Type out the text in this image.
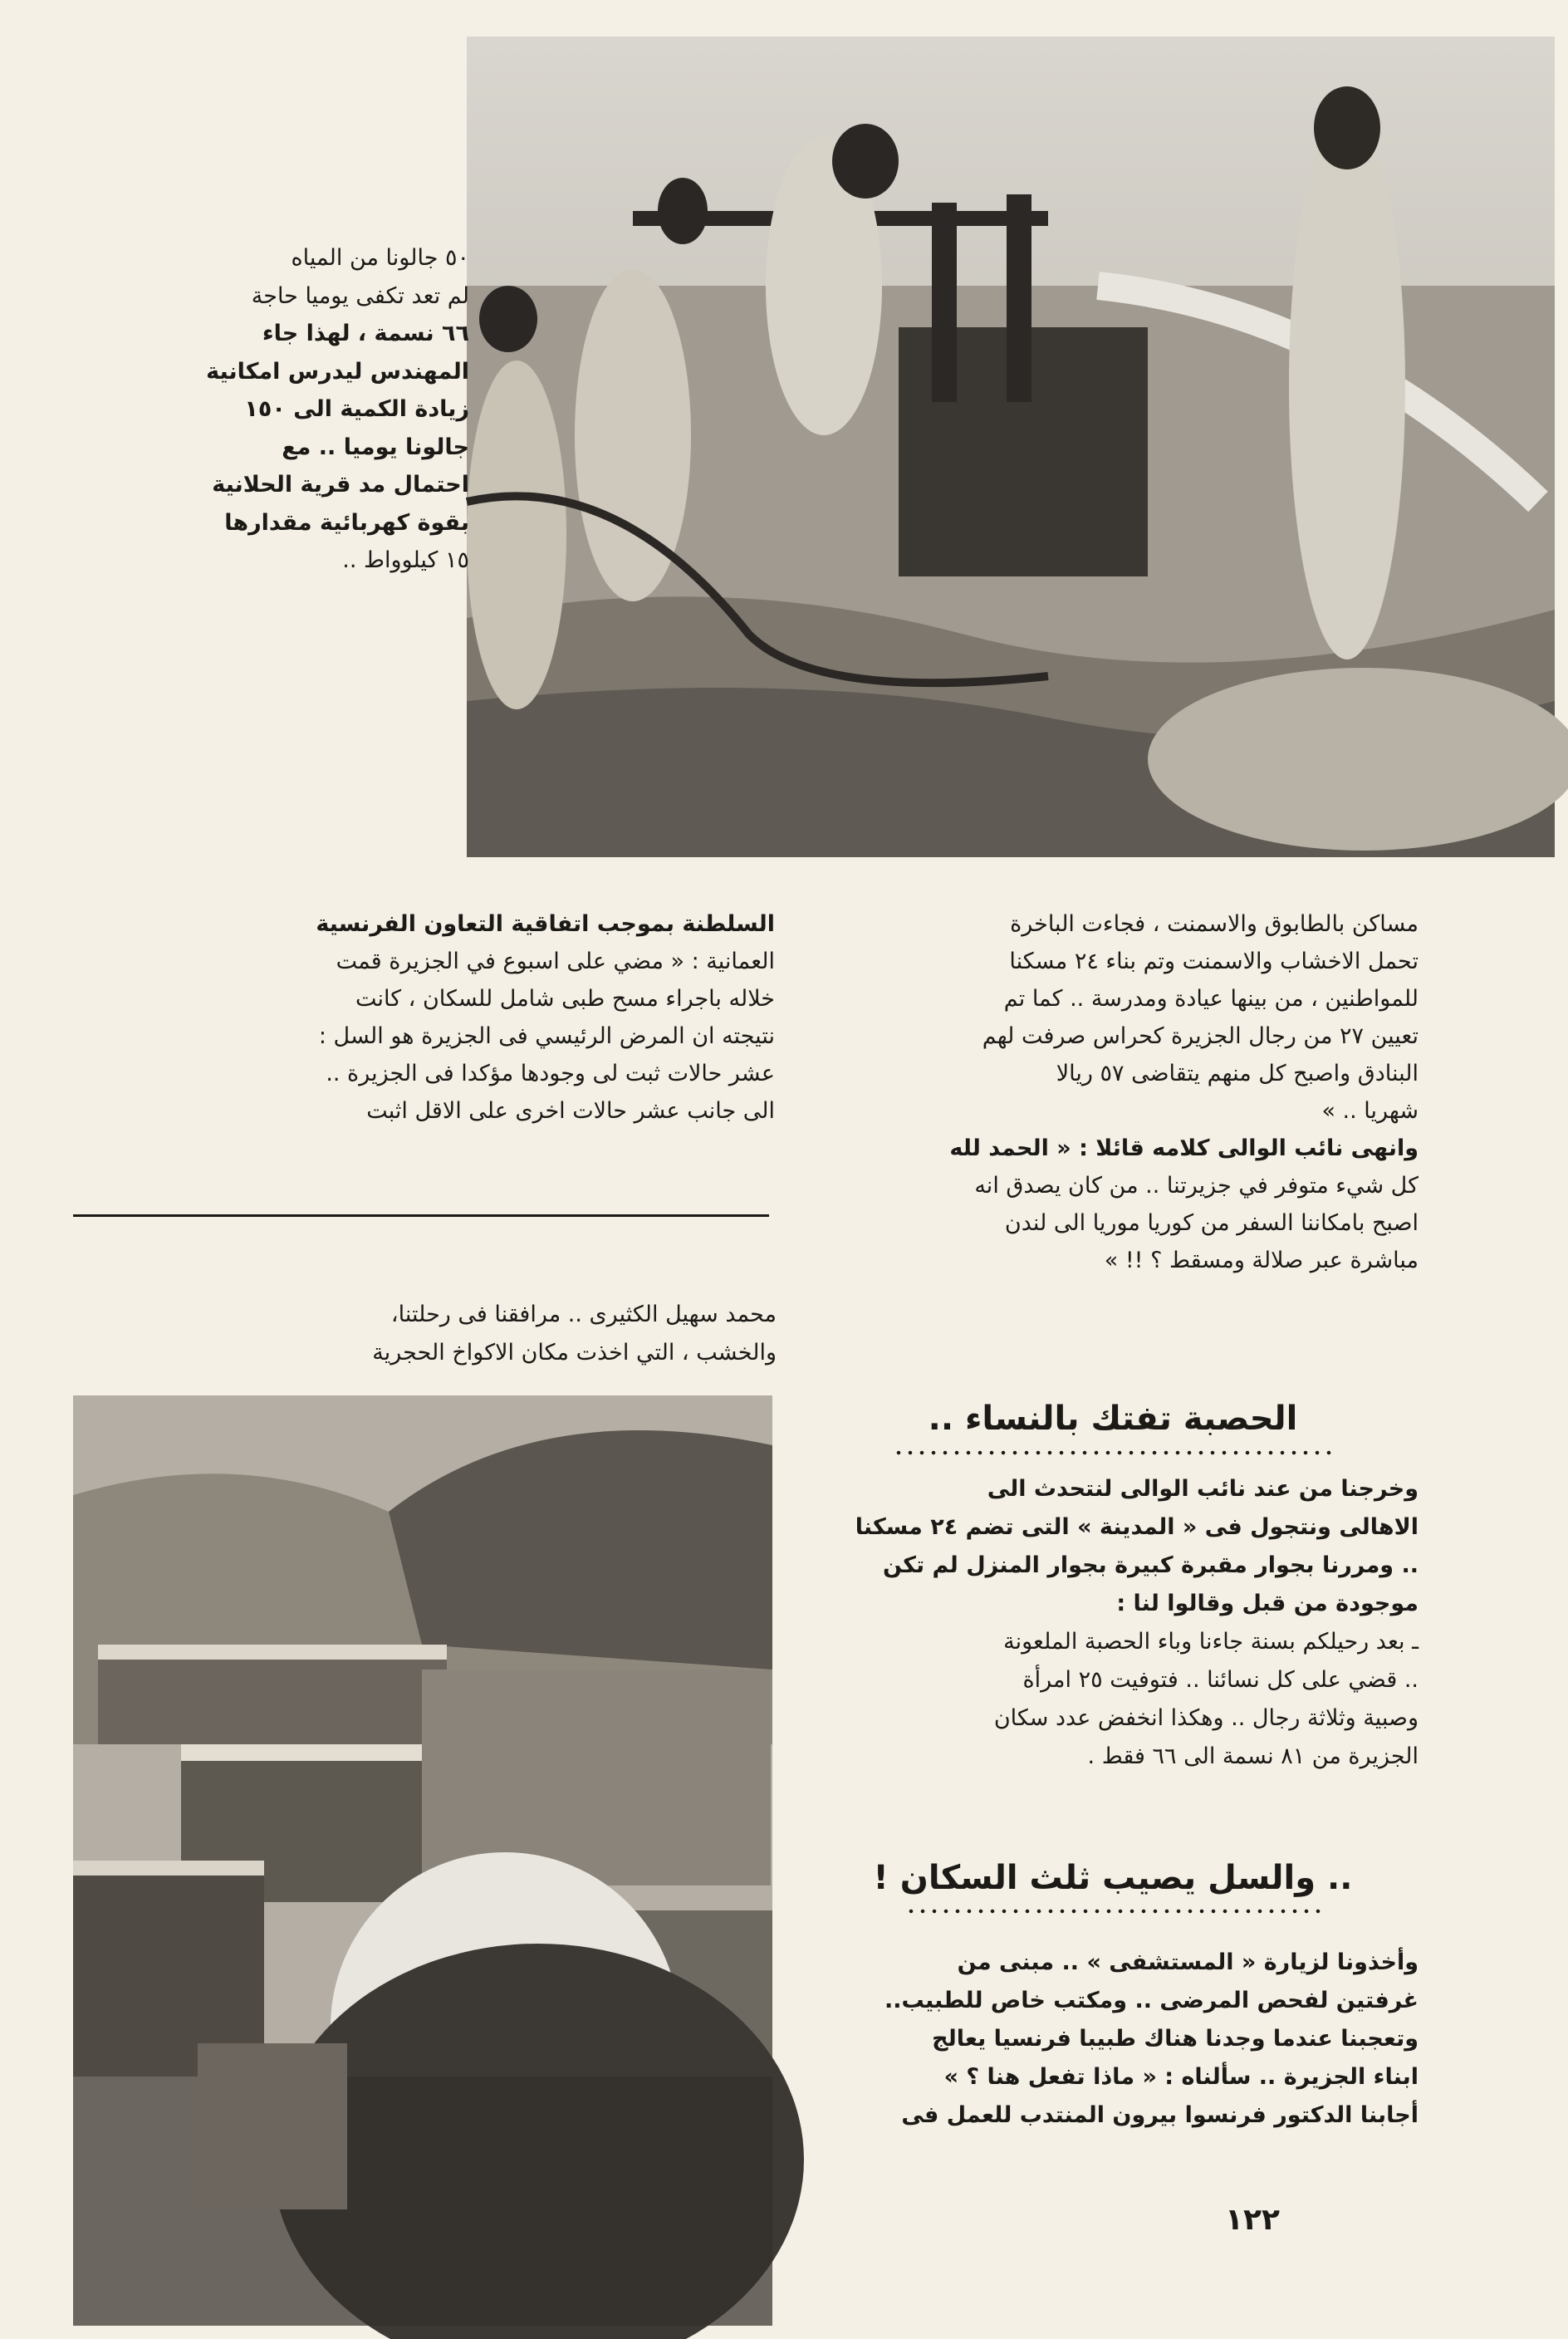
٥٠ جالونا من المياه
لم تعد تكفى يوميا حاجة
٦٦ نسمة ، لهذا جاء
المهندس ليدرس امكانية
زيادة الكمية الى ١٥٠
جالونا يوميا .. مع
احتمال مد قرية الحلانية
بقوة كهربائية مقدارها
١٥ كيلوواط ..
مساكن بالطابوق والاسمنت ، فجاءت الباخرة
تحمل الاخشاب والاسمنت وتم بناء ٢٤ مسكنا
للمواطنين ، من بينها عيادة ومدرسة .. كما تم
تعيين ٢٧ من رجال الجزيرة كحراس صرفت لهم
البنادق واصبح كل منهم يتقاضى ٥٧ ريالا
شهريا .. »
وانهى نائب الوالى كلامه قائلا : « الحمد لله
كل شيء متوفر في جزيرتنا .. من كان يصدق انه
اصبح بامكاننا السفر من كوريا موريا الى لندن
مباشرة عبر صلالة ومسقط ؟ !! »
السلطنة بموجب اتفاقية التعاون الفرنسية
العمانية : « مضي على اسبوع في الجزيرة قمت
خلاله باجراء مسح طبى شامل للسكان ، كانت
نتيجته ان المرض الرئيسي فى الجزيرة هو السل :
عشر حالات ثبت لى وجودها مؤكدا فى الجزيرة ..
الى جانب عشر حالات اخرى على الاقل اثبت
محمد سهيل الكثيرى .. مرافقنا فى رحلتنا،
والخشب ، التي اخذت مكان الاكواخ الحجرية
الحصبة تفتك بالنساء ..
وخرجنا من عند نائب الوالى لنتحدث الى
الاهالى ونتجول فى « المدينة » التى تضم ٢٤ مسكنا
.. ومررنا بجوار مقبرة كبيرة بجوار المنزل لم تكن
موجودة من قبل وقالوا لنا :
ـ بعد رحيلكم بسنة جاءنا وباء الحصبة الملعونة
.. قضي على كل نسائنا .. فتوفيت ٢٥ امرأة
وصبية وثلاثة رجال .. وهكذا انخفض عدد سكان
الجزيرة من ٨١ نسمة الى ٦٦ فقط .
.. والسل يصيب ثلث السكان !
وأخذونا لزيارة « المستشفى » .. مبنى من
غرفتين لفحص المرضى .. ومكتب خاص للطبيب..
وتعجبنا عندما وجدنا هناك طبيبا فرنسيا يعالج
ابناء الجزيرة .. سألناه : « ماذا تفعل هنا ؟ »
أجابنا الدكتور فرنسوا بيرون المنتدب للعمل فى
١٢٢
